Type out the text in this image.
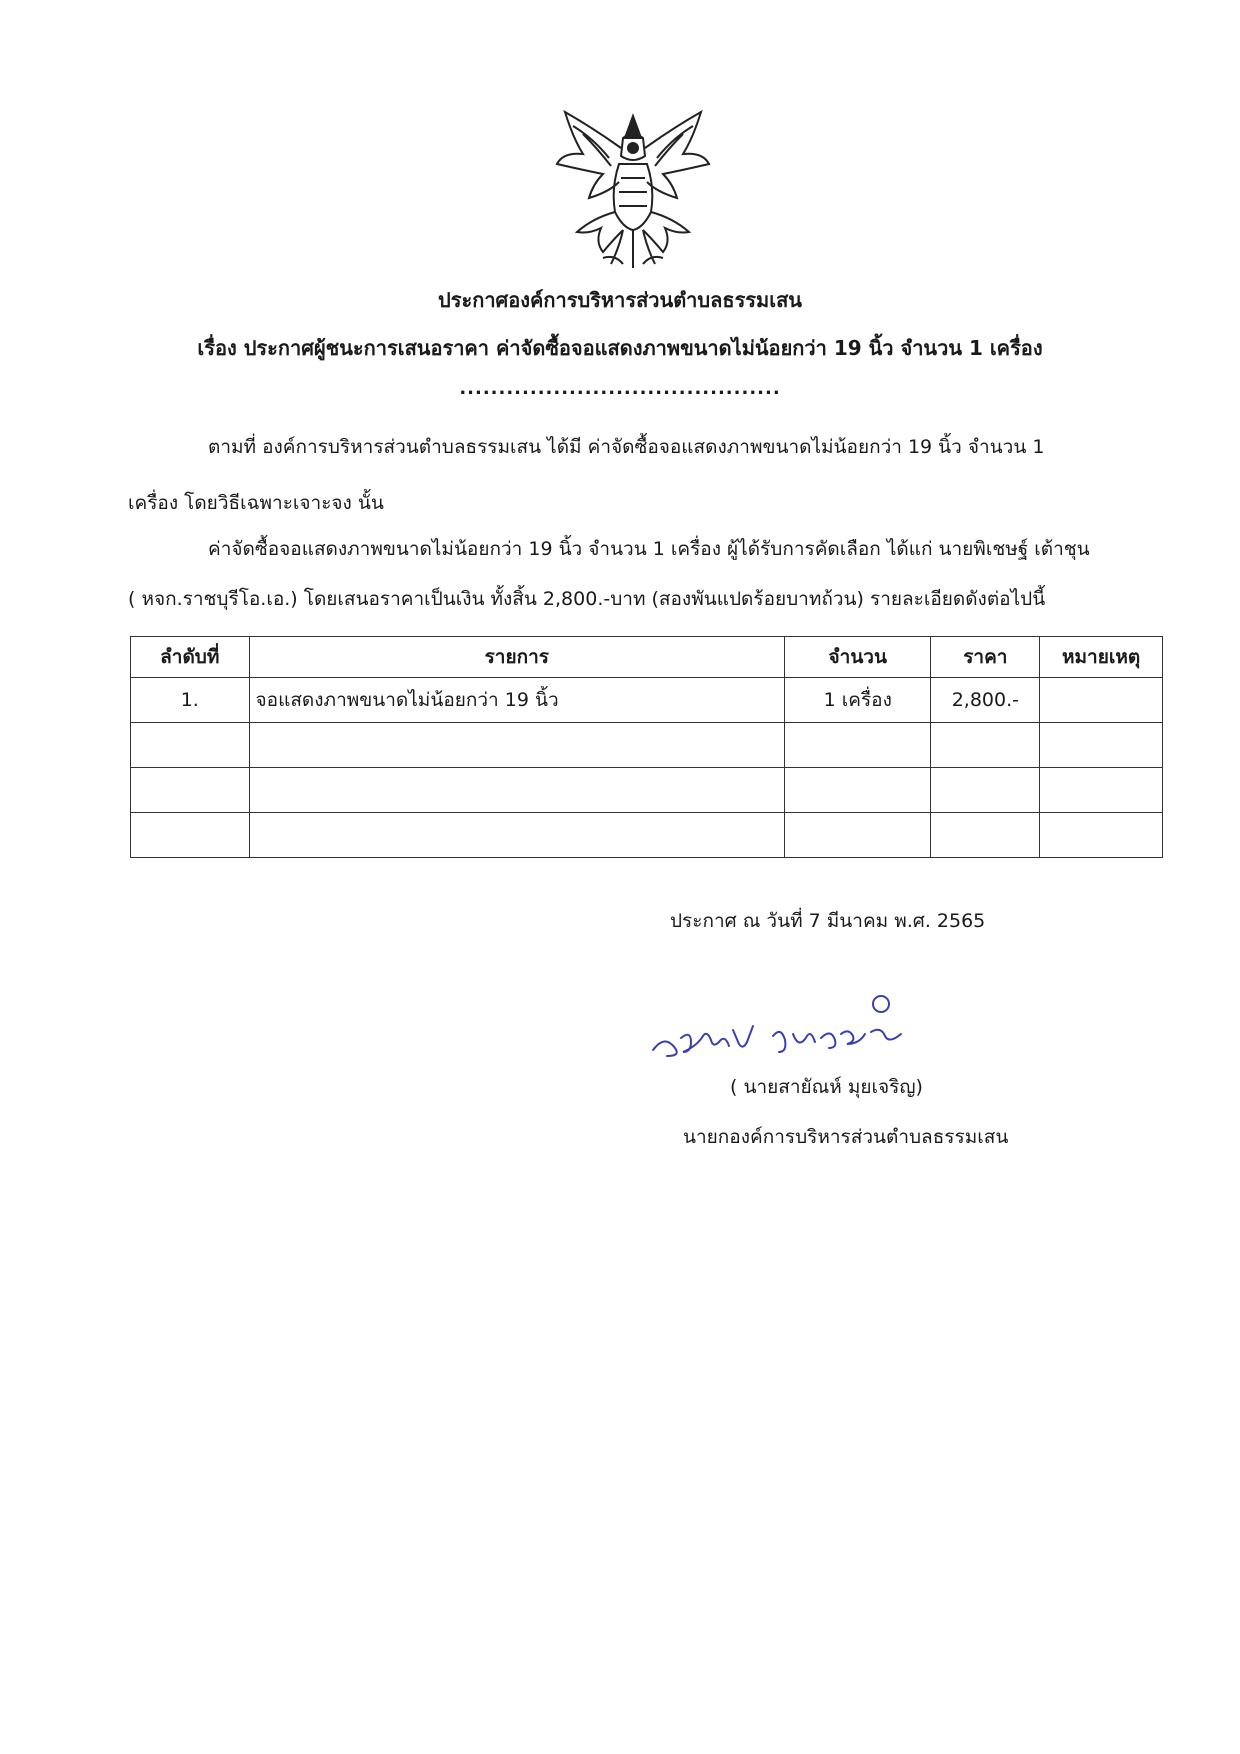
ประกาศองค์การบริหารส่วนตำบลธรรมเสน
เรื่อง ประกาศผู้ชนะการเสนอราคา ค่าจัดซื้อจอแสดงภาพขนาดไม่น้อยกว่า 19 นิ้ว จำนวน 1 เครื่อง
.........................................
ตามที่ องค์การบริหารส่วนตำบลธรรมเสน ได้มี ค่าจัดซื้อจอแสดงภาพขนาดไม่น้อยกว่า 19 นิ้ว จำนวน 1
เครื่อง โดยวิธีเฉพาะเจาะจง นั้น
ค่าจัดซื้อจอแสดงภาพขนาดไม่น้อยกว่า 19 นิ้ว จำนวน 1 เครื่อง ผู้ได้รับการคัดเลือก ได้แก่ นายพิเชษฐ์ เต้าชุน
( หจก.ราชบุรีโอ.เอ.) โดยเสนอราคาเป็นเงิน ทั้งสิ้น 2,800.-บาท (สองพันแปดร้อยบาทถ้วน) รายละเอียดดังต่อไปนี้
ลำดับที่	รายการ	จำนวน	ราคา	หมายเหตุ
1.	จอแสดงภาพขนาดไม่น้อยกว่า 19 นิ้ว	1 เครื่อง	2,800.-	

ประกาศ ณ วันที่ 7 มีนาคม พ.ศ. 2565
( นายสายัณห์ มุยเจริญ)
นายกองค์การบริหารส่วนตำบลธรรมเสน
